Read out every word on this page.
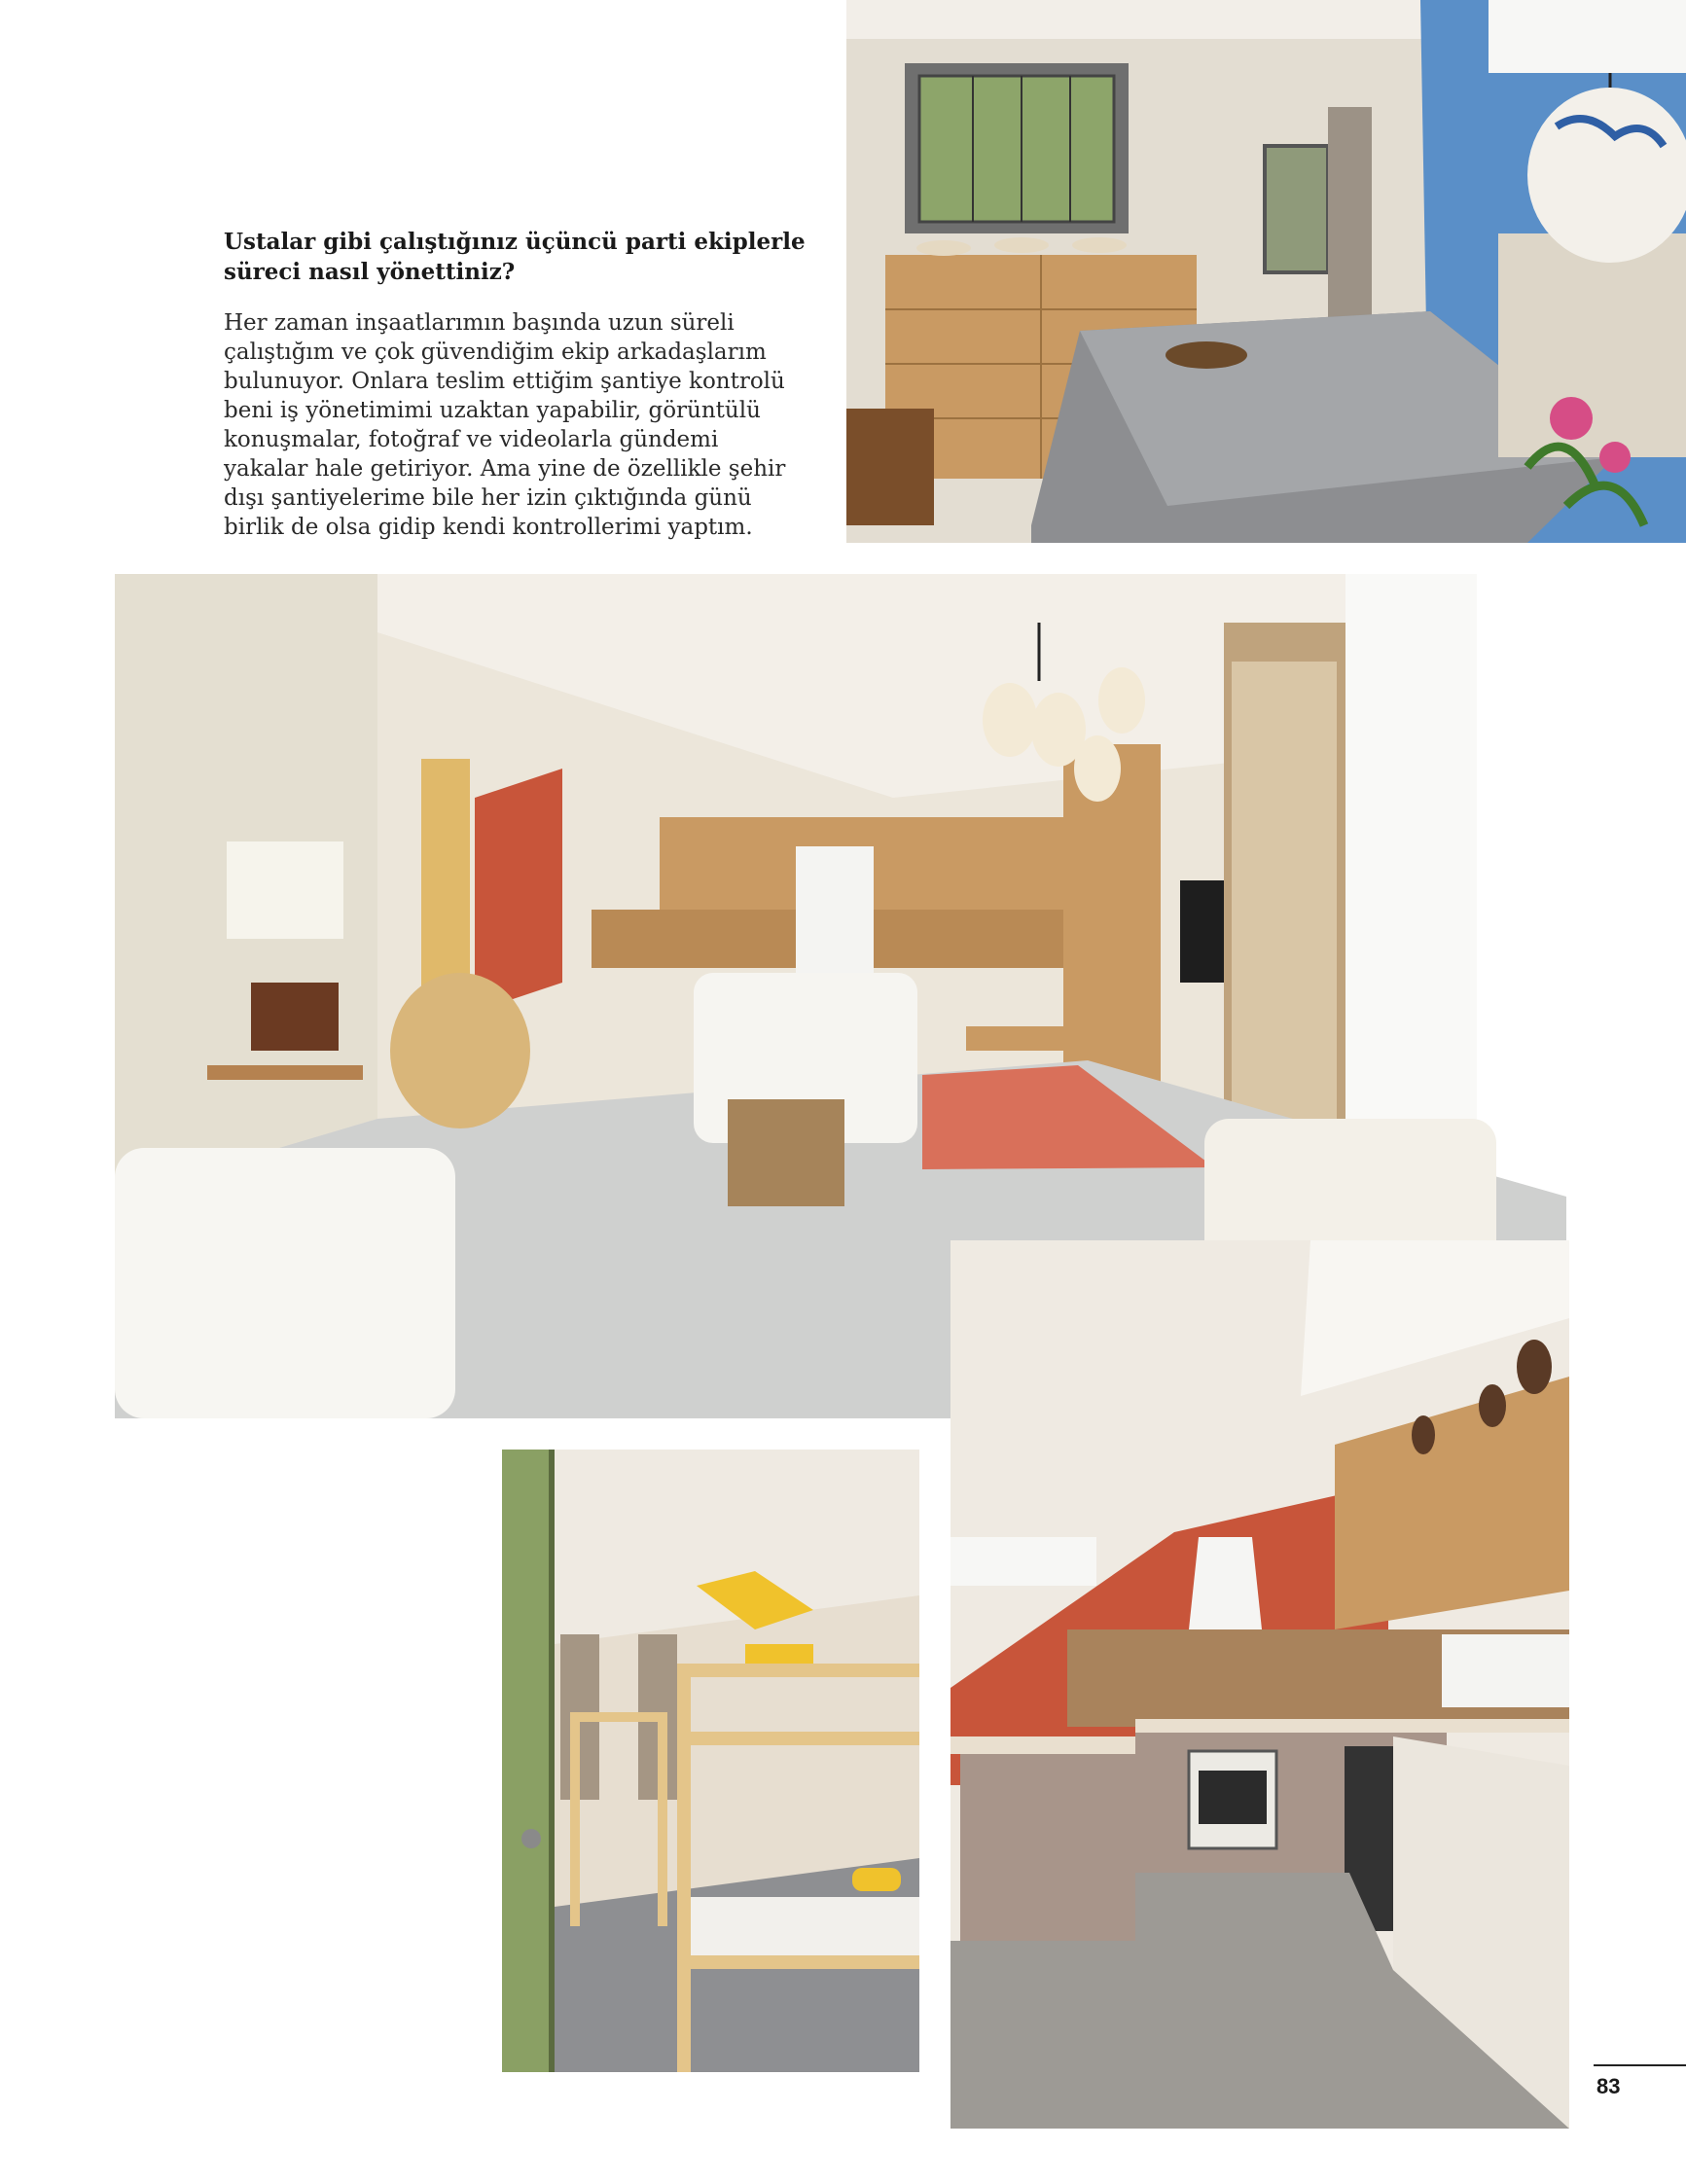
Ustalar gibi çalıştığınız üçüncü parti ekiplerle süreci nasıl yönettiniz?

Her zaman inşaatlarımın başında uzun süreli çalıştığım ve çok güvendiğim ekip arkadaşlarım bulunuyor. Onlara teslim ettiğim şantiye kontrolü beni iş yönetimimi uzaktan yapabilir, görüntülü konuşmalar, fotoğraf ve videolarla gündemi yakalar hale getiriyor. Ama yine de özellikle şehir dışı şantiyelerime bile her izin çıktığında günü birlik de olsa gidip kendi kontrollerimi yaptım.

83
